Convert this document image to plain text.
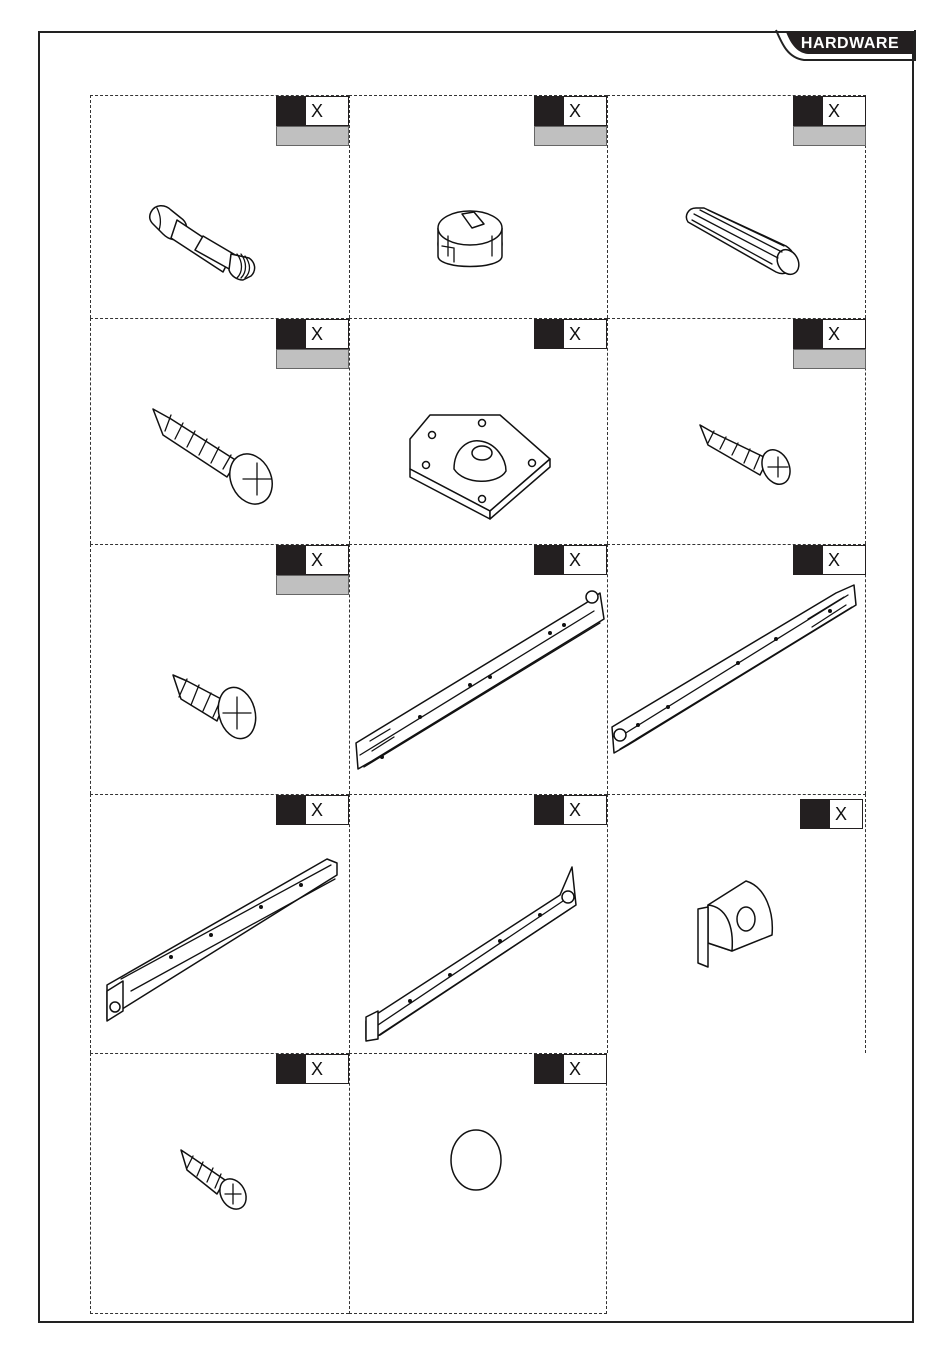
HARDWARE
X	X	X
X	X	X
X	X	X
X	X	X
X	X
